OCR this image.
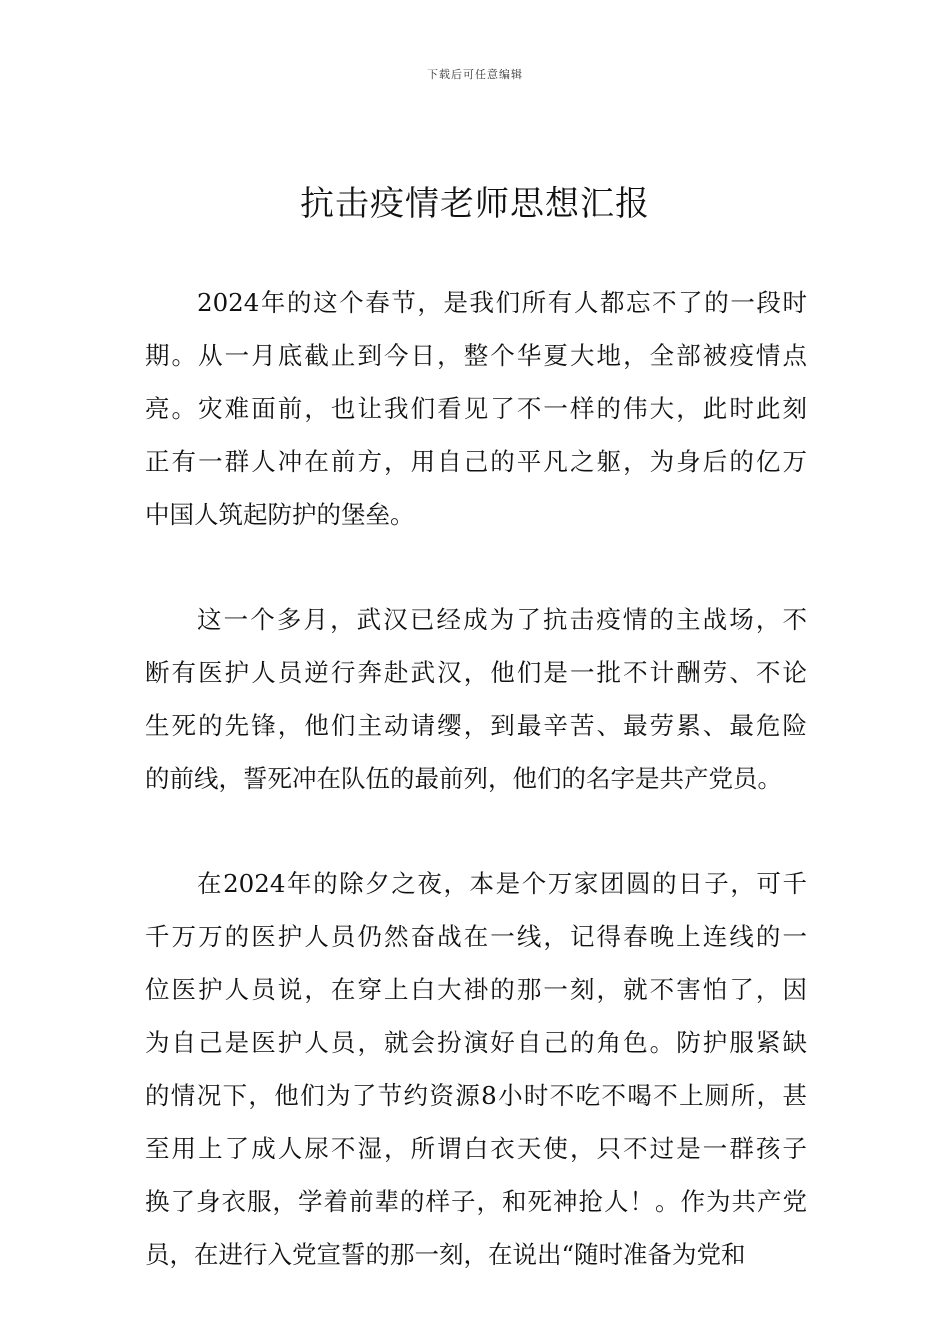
下载后可任意编辑
抗击疫情老师思想汇报
2024年的这个春节，是我们所有人都忘不了的一段时
期。从一月底截止到今日，整个华夏大地，全部被疫情点
亮。灾难面前，也让我们看见了不一样的伟大，此时此刻
正有一群人冲在前方，用自己的平凡之躯，为身后的亿万
中国人筑起防护的堡垒。
这一个多月，武汉已经成为了抗击疫情的主战场，不
断有医护人员逆行奔赴武汉，他们是一批不计酬劳、不论
生死的先锋，他们主动请缨，到最辛苦、最劳累、最危险
的前线，誓死冲在队伍的最前列，他们的名字是共产党员。
在2024年的除夕之夜，本是个万家团圆的日子，可千
千万万的医护人员仍然奋战在一线，记得春晚上连线的一
位医护人员说，在穿上白大褂的那一刻，就不害怕了，因
为自己是医护人员，就会扮演好自己的角色。防护服紧缺
的情况下，他们为了节约资源8小时不吃不喝不上厕所，甚
至用上了成人尿不湿，所谓白衣天使，只不过是一群孩子
换了身衣服，学着前辈的样子，和死神抢人！。作为共产党
员，在进行入党宣誓的那一刻，在说出“随时准备为党和
